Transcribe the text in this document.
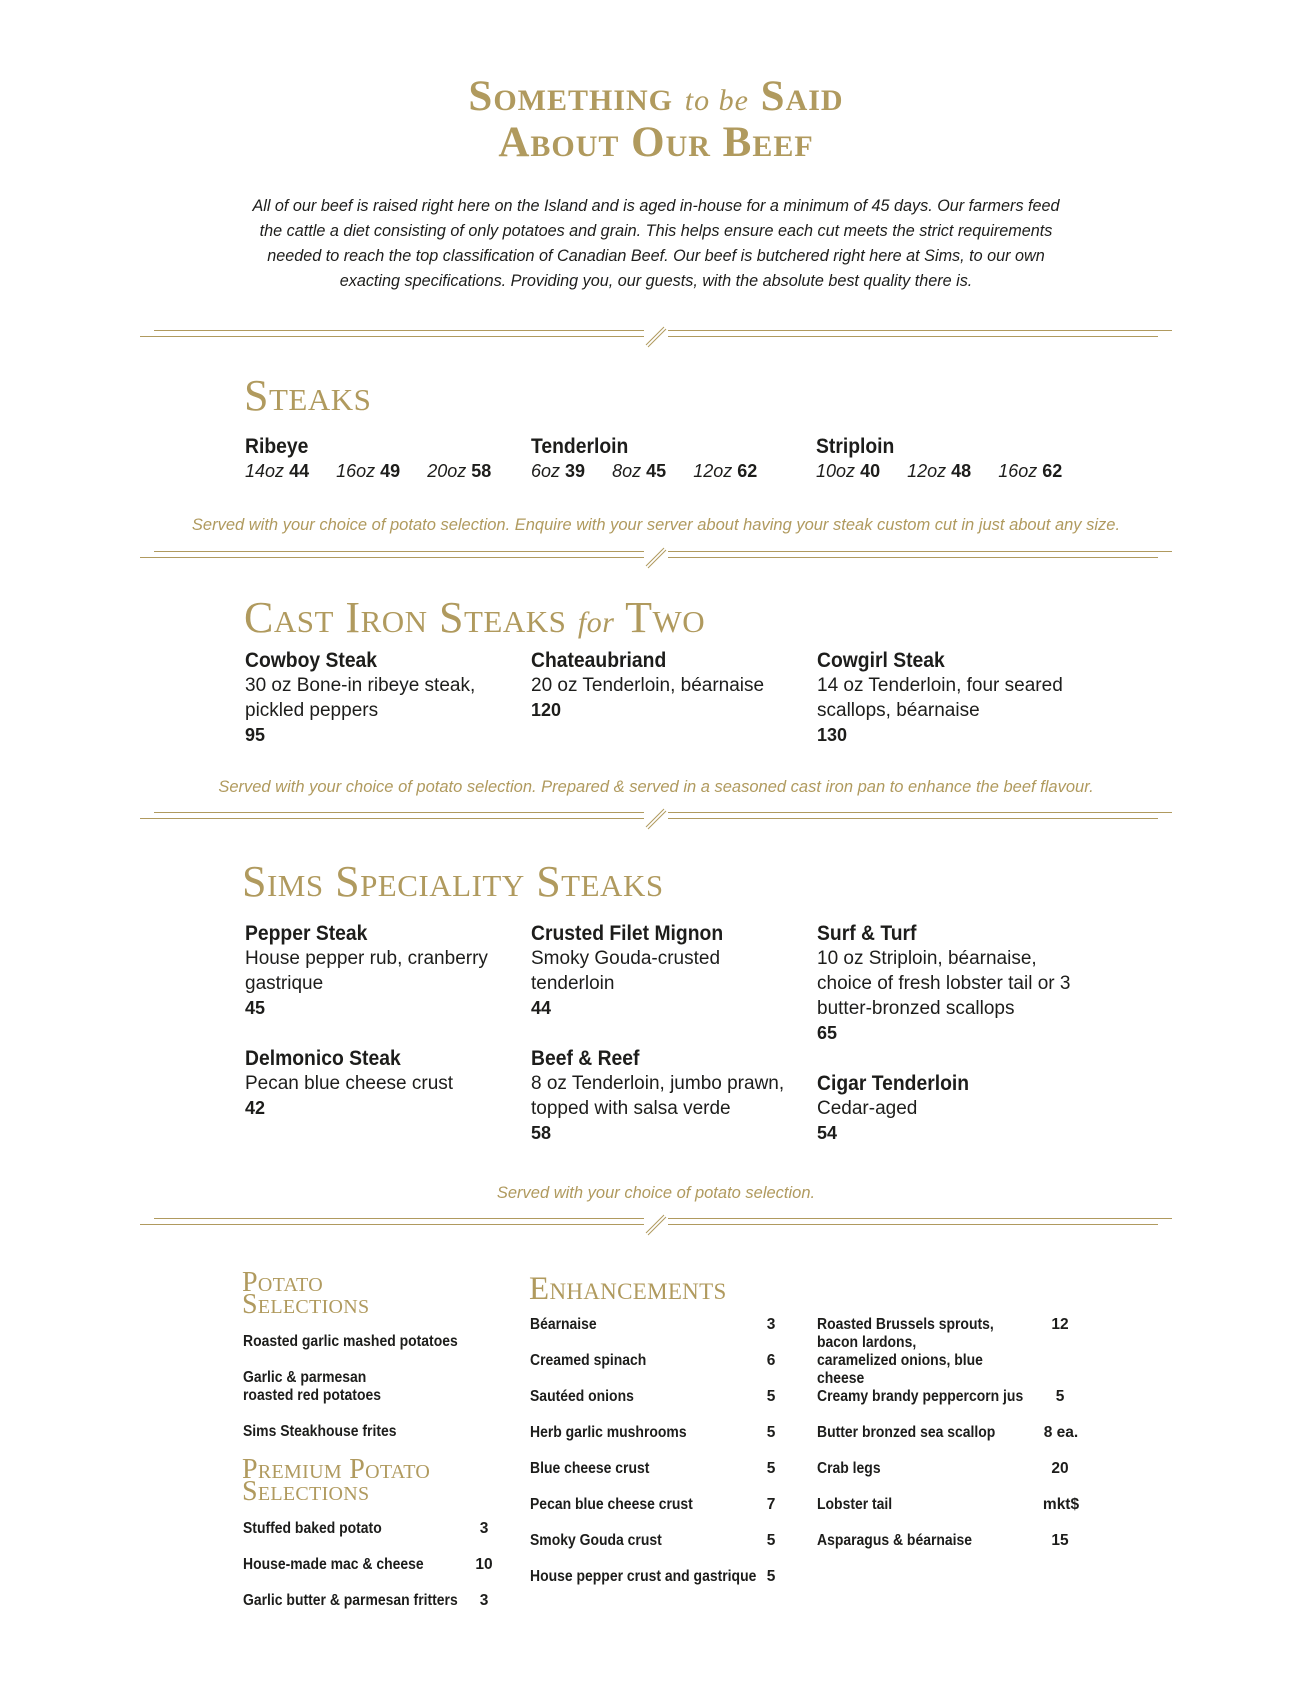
Something to be Said
About Our Beef
All of our beef is raised right here on the Island and is aged in-house for a minimum of 45 days. Our farmers feed the cattle a diet consisting of only potatoes and grain. This helps ensure each cut meets the strict requirements needed to reach the top classification of Canadian Beef. Our beef is butchered right here at Sims, to our own exacting specifications. Providing you, our guests, with the absolute best quality there is.
Steaks
Ribeye
14oz 44 16oz 49 20oz 58
Tenderloin
6oz 39 8oz 45 12oz 62
Striploin
10oz 40 12oz 48 16oz 62
Served with your choice of potato selection. Enquire with your server about having your steak custom cut in just about any size.
Cast Iron Steaks for Two
Cowboy Steak
30 oz Bone-in ribeye steak, pickled peppers
95
Chateaubriand
20 oz Tenderloin, béarnaise
120
Cowgirl Steak
14 oz Tenderloin, four seared scallops, béarnaise
130
Served with your choice of potato selection. Prepared & served in a seasoned cast iron pan to enhance the beef flavour.
Sims Speciality Steaks
Pepper Steak
House pepper rub, cranberry gastrique
45
Crusted Filet Mignon
Smoky Gouda-crusted tenderloin
44
Surf & Turf
10 oz Striploin, béarnaise, choice of fresh lobster tail or 3 butter-bronzed scallops
65
Delmonico Steak
Pecan blue cheese crust
42
Beef & Reef
8 oz Tenderloin, jumbo prawn, topped with salsa verde
58
Cigar Tenderloin
Cedar-aged
54
Served with your choice of potato selection.
Potato
Selections
Roasted garlic mashed potatoes
Garlic & parmesan roasted red potatoes
Sims Steakhouse frites
Premium Potato
Selections
Stuffed baked potato	3
House-made mac & cheese	10
Garlic butter & parmesan fritters	3
Enhancements
Béarnaise	3
Creamed spinach	6
Sautéed onions	5
Herb garlic mushrooms	5
Blue cheese crust	5
Pecan blue cheese crust	7
Smoky Gouda crust	5
House pepper crust and gastrique 5
Roasted Brussels sprouts, bacon lardons, caramelized onions, blue cheese
12
Creamy brandy peppercorn jus	5
Butter bronzed sea scallop	8 ea.
Crab legs	20
Lobster tail	mkt$
Asparagus & béarnaise	15
